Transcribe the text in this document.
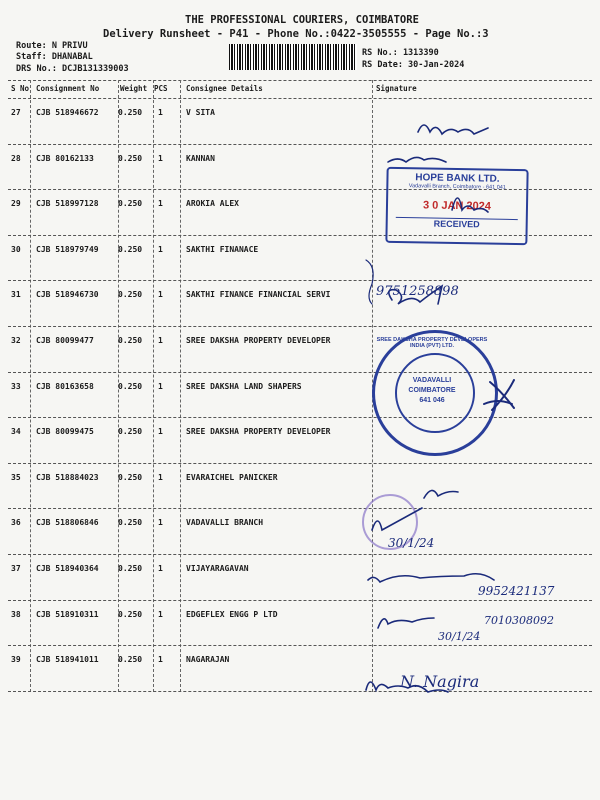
THE PROFESSIONAL COURIERS, COIMBATORE
Delivery Runsheet - P41 - Phone No.:0422-3505555 - Page No.:3
Route: N PRIVU
Staff: DHANABAL
DRS No.: DCJB131339003
RS No.: 1313390
RS Date: 30-Jan-2024
S No Consignment No	Weight PCS Consignee Details	Signature
27 CJB 518946672 0.250 1	V SITA
28 CJB 80162133	0.250 1	KANNAN
29 CJB 518997128 0.250 1	AROKIA ALEX
30 CJB 518979749 0.250 1	SAKTHI FINANACE
31 CJB 518946730 0.250 1	SAKTHI FINANCE FINANCIAL SERVI
32 CJB 80099477	0.250 1	SREE DAKSHA PROPERTY DEVELOPER
33 CJB 80163658	0.250 1	SREE DAKSHA LAND SHAPERS
34 CJB 80099475	0.250 1	SREE DAKSHA PROPERTY DEVELOPER
35 CJB 518884023 0.250 1	EVARAICHEL PANICKER
36 CJB 518806846 0.250 1	VADAVALLI BRANCH
37 CJB 518940364 0.250 1	VIJAYARAGAVAN
38 CJB 518910311 0.250 1	EDGEFLEX ENGG P LTD
39 CJB 518941011 0.250 1	NAGARAJAN
HOPE BANK LTD.
Vadavalli Branch, Coimbatore - 641 041
3 0 JAN 2024
RECEIVED
SREE DAKSHA PROPERTY DEVELOPERS INDIA (PVT) LTD.
VADAVALLI
COIMBATORE
641 046
9751258898
30/1/24
9952421137
7010308092
30/1/24
N. Nagira
